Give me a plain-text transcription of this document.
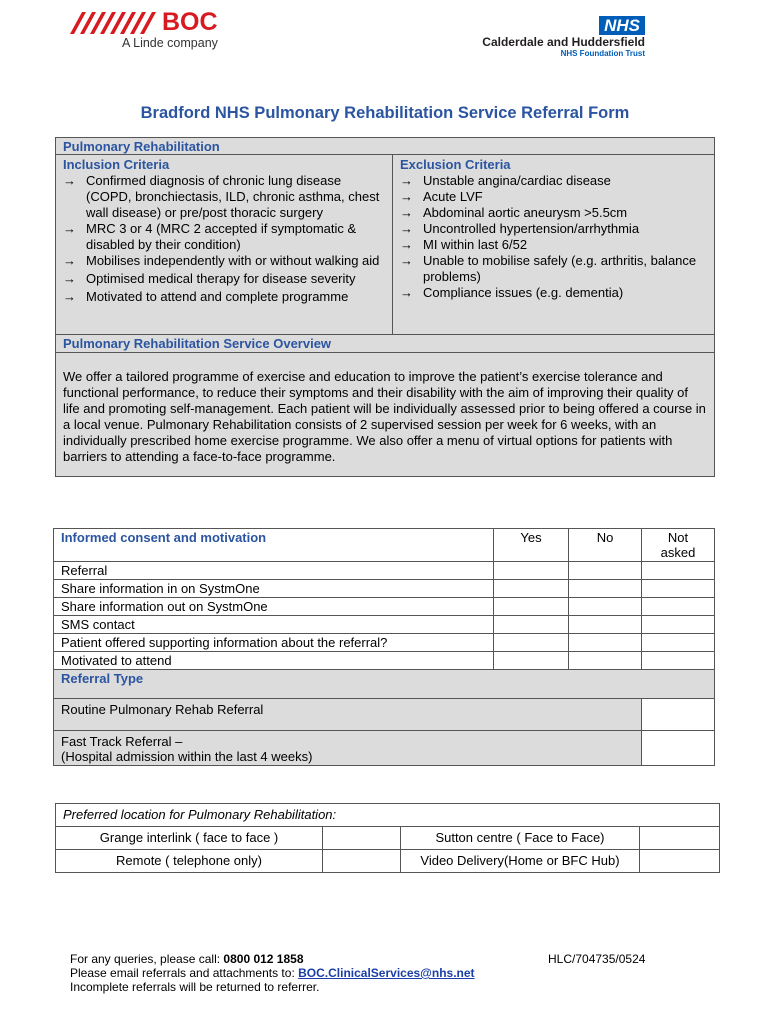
BOC
A Linde company
NHS
Calderdale and Huddersfield
NHS Foundation Trust
Bradford NHS Pulmonary Rehabilitation Service Referral Form
Pulmonary Rehabilitation
Inclusion Criteria
→ Confirmed diagnosis of chronic lung disease (COPD, bronchiectasis, ILD, chronic asthma, chest wall disease) or pre/post thoracic surgery
→ MRC 3 or 4 (MRC 2 accepted if symptomatic & disabled by their condition)
→ Mobilises independently with or without walking aid
→ Optimised medical therapy for disease severity
→ Motivated to attend and complete programme
Exclusion Criteria
→ Unstable angina/cardiac disease
→ Acute LVF
→ Abdominal aortic aneurysm >5.5cm
→ Uncontrolled hypertension/arrhythmia
→ MI within last 6/52
→ Unable to mobilise safely (e.g. arthritis, balance problems)
→ Compliance issues (e.g. dementia)
Pulmonary Rehabilitation Service Overview
We offer a tailored programme of exercise and education to improve the patient’s exercise tolerance and functional performance, to reduce their symptoms and their disability with the aim of improving their quality of life and promoting self-management. Each patient will be individually assessed prior to being offered a course in a local venue. Pulmonary Rehabilitation consists of 2 supervised session per week for 6 weeks, with an individually prescribed home exercise programme. We also offer a menu of virtual options for patients with barriers to attending a face-to-face programme.
Informed consent and motivation	Yes	No	Not asked
Referral			
Share information in on SystmOne			
Share information out on SystmOne			
SMS contact			
Patient offered supporting information about the referral?			
Motivated to attend			
Referral Type			
Routine Pulmonary Rehab Referral			

Fast Track Referral –
(Hospital admission within the last 4 weeks)			

Preferred location for Pulmonary Rehabilitation:			
Grange interlink ( face to face )		Sutton centre ( Face to Face)	
Remote ( telephone only)		Video Delivery(Home or BFC Hub)	
For any queries, please call: 0800 012 1858
Please email referrals and attachments to: BOC.ClinicalServices@nhs.net
Incomplete referrals will be returned to referrer.
HLC/704735/0524
